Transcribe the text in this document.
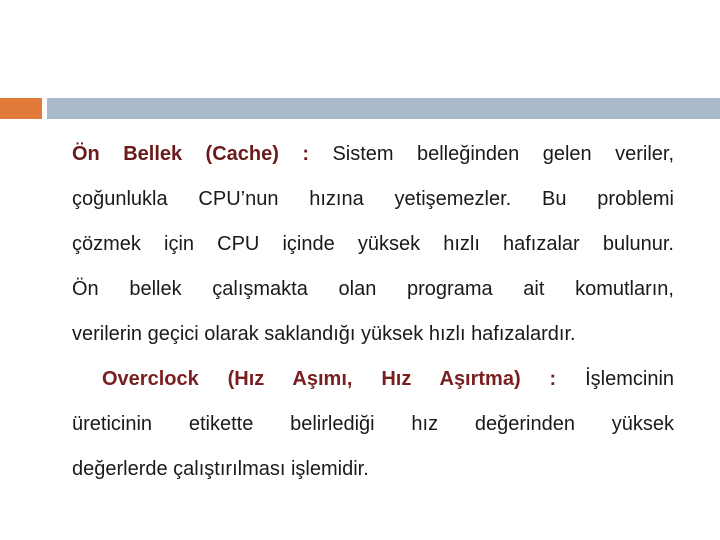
Ön Bellek (Cache) : Sistem belleğinden gelen veriler,
çoğunlukla CPU’nun hızına yetişemezler. Bu problemi
çözmek için CPU içinde yüksek hızlı hafızalar bulunur.
Ön bellek çalışmakta olan programa ait komutların,
verilerin geçici olarak saklandığı yüksek hızlı hafızalardır.
Overclock (Hız Aşımı, Hız Aşırtma) : İşlemcinin
üreticinin etikette belirlediği hız değerinden yüksek
değerlerde çalıştırılması işlemidir.
